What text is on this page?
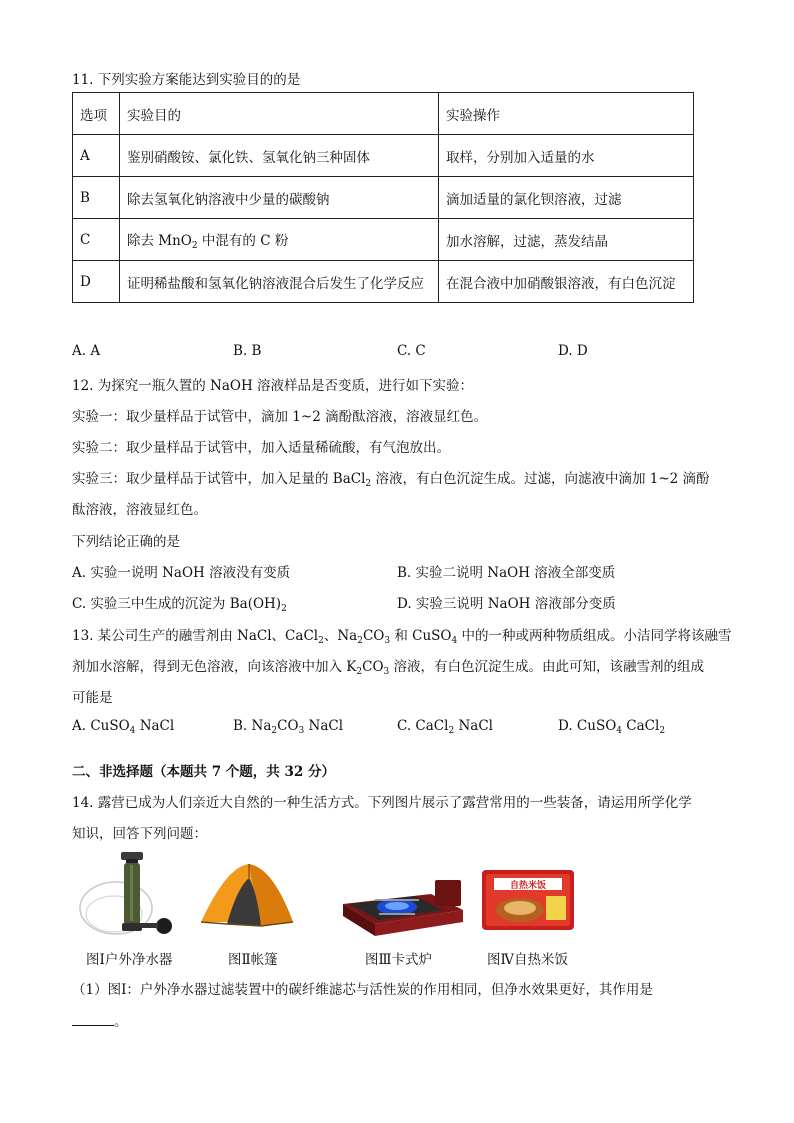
11. 下列实验方案能达到实验目的的是
选项	实验目的	实验操作
A	鉴别硝酸铵、氯化铁、氢氧化钠三种固体	取样，分别加入适量的水
B	除去氢氧化钠溶液中少量的碳酸钠	滴加适量的氯化钡溶液，过滤
C	除去 MnO$_2$ 中混有的 C 粉	加水溶解，过滤，蒸发结晶
D	证明稀盐酸和氢氧化钠溶液混合后发生了化学反应	在混合液中加硝酸银溶液，有白色沉淀
A. A	B. B	C. C	D. D
12. 为探究一瓶久置的 NaOH 溶液样品是否变质，进行如下实验：
实验一：取少量样品于试管中，滴加 1~2 滴酚酞溶液，溶液显红色。
实验二：取少量样品于试管中，加入适量稀硫酸，有气泡放出。
实验三：取少量样品于试管中，加入足量的 BaCl$_2$ 溶液，有白色沉淀生成。过滤，向滤液中滴加 1~2 滴酚
酞溶液，溶液显红色。
下列结论正确的是
A. 实验一说明 NaOH 溶液没有变质	B. 实验二说明 NaOH 溶液全部变质
C. 实验三中生成的沉淀为 $Ba(OH)_2$	D. 实验三说明 NaOH 溶液部分变质
13. 某公司生产的融雪剂由 NaCl、CaCl$_2$、$Na_2CO_3$ 和 CuSO$_4$ 中的一种或两种物质组成。小洁同学将该融雪
剂加水溶解，得到无色溶液，向该溶液中加入 $K_2CO_3$ 溶液，有白色沉淀生成。由此可知，该融雪剂的组成
可能是
A. CuSO$_4$ NaCl	B. $Na_2CO_3$ NaCl	C. CaCl$_2$ NaCl	D. CuSO$_4$ CaCl$_2$
二、非选择题（本题共 7 个题，共 32 分）
14. 露营已成为人们亲近大自然的一种生活方式。下列图片展示了露营常用的一些装备，请运用所学化学
知识，回答下列问题：
自热米饭
图Ⅰ户外净水器	图Ⅱ帐篷	图Ⅲ卡式炉	图Ⅳ自热米饭
（1）图Ⅰ：户外净水器过滤装置中的碳纤维滤芯与活性炭的作用相同，但净水效果更好，其作用是
。
